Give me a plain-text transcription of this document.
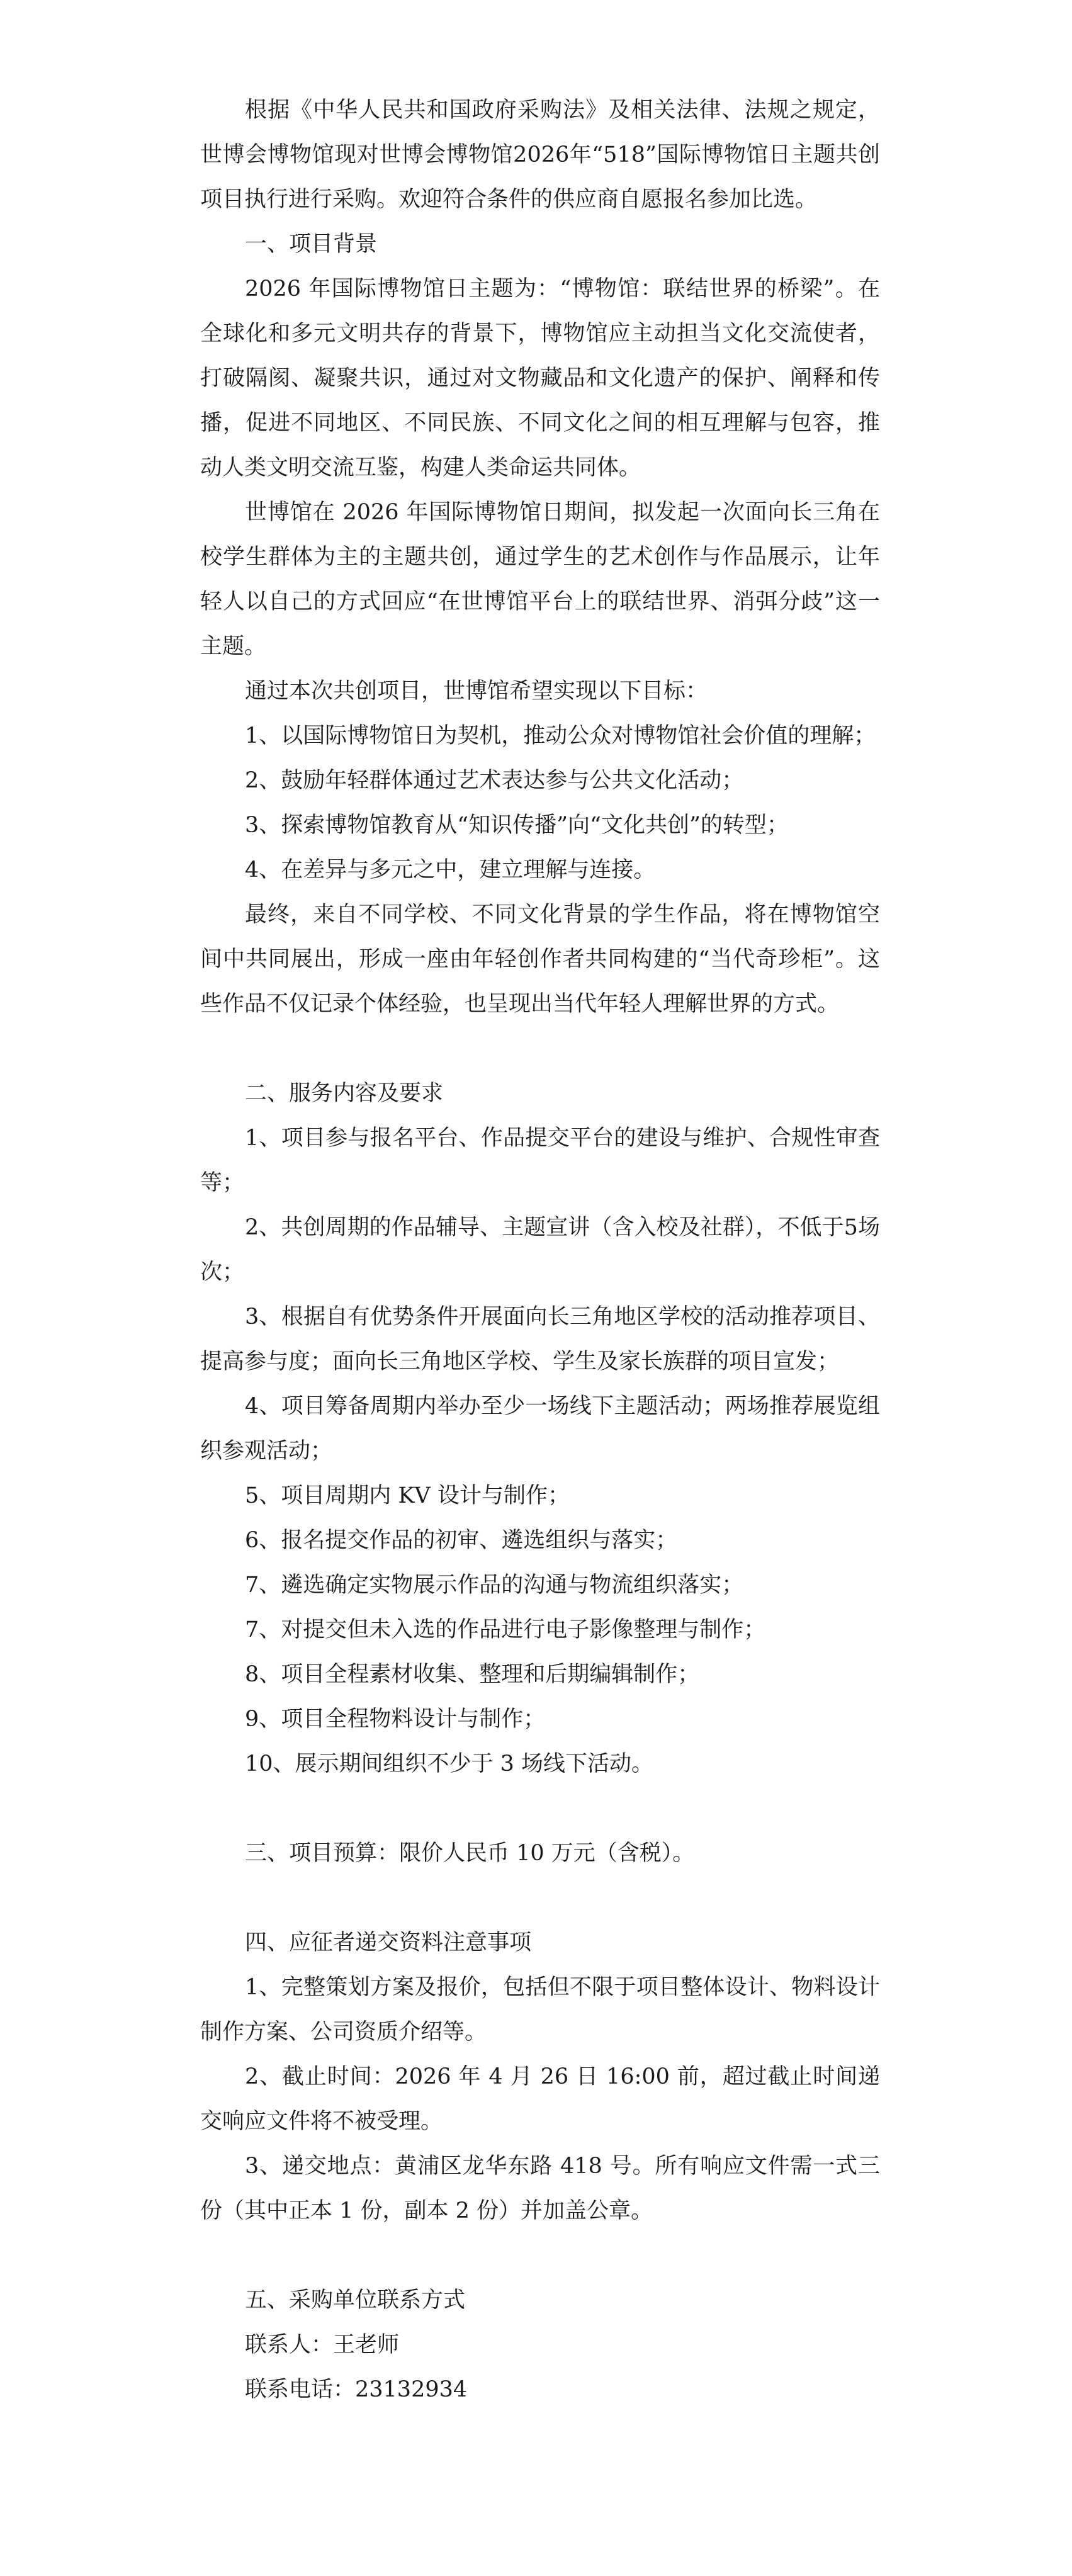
根据《中华人民共和国政府采购法》及相关法律、法规之规定，世博会博物馆现对世博会博物馆2026年“518”国际博物馆日主题共创项目执行进行采购。欢迎符合条件的供应商自愿报名参加比选。

一、项目背景

2026 年国际博物馆日主题为：“博物馆：联结世界的桥梁”。在全球化和多元文明共存的背景下，博物馆应主动担当文化交流使者，打破隔阂、凝聚共识，通过对文物藏品和文化遗产的保护、阐释和传播，促进不同地区、不同民族、不同文化之间的相互理解与包容，推动人类文明交流互鉴，构建人类命运共同体。

世博馆在 2026 年国际博物馆日期间，拟发起一次面向长三角在校学生群体为主的主题共创，通过学生的艺术创作与作品展示，让年轻人以自己的方式回应“在世博馆平台上的联结世界、消弭分歧”这一主题。

通过本次共创项目，世博馆希望实现以下目标：

1、以国际博物馆日为契机，推动公众对博物馆社会价值的理解；

2、鼓励年轻群体通过艺术表达参与公共文化活动；

3、探索博物馆教育从“知识传播”向“文化共创”的转型；

4、在差异与多元之中，建立理解与连接。

最终，来自不同学校、不同文化背景的学生作品，将在博物馆空间中共同展出，形成一座由年轻创作者共同构建的“当代奇珍柜”。这些作品不仅记录个体经验，也呈现出当代年轻人理解世界的方式。

二、服务内容及要求

1、项目参与报名平台、作品提交平台的建设与维护、合规性审查等；

2、共创周期的作品辅导、主题宣讲（含入校及社群），不低于5场次；

3、根据自有优势条件开展面向长三角地区学校的活动推荐项目、提高参与度；面向长三角地区学校、学生及家长族群的项目宣发；

4、项目筹备周期内举办至少一场线下主题活动；两场推荐展览组织参观活动；

5、项目周期内 KV 设计与制作；

6、报名提交作品的初审、遴选组织与落实；

7、遴选确定实物展示作品的沟通与物流组织落实；

7、对提交但未入选的作品进行电子影像整理与制作；

8、项目全程素材收集、整理和后期编辑制作；

9、项目全程物料设计与制作；

10、展示期间组织不少于 3 场线下活动。

三、项目预算：限价人民币 10 万元（含税）。

四、应征者递交资料注意事项

1、完整策划方案及报价，包括但不限于项目整体设计、物料设计制作方案、公司资质介绍等。

2、截止时间：2026 年 4 月 26 日 16:00 前，超过截止时间递交响应文件将不被受理。

3、递交地点：黄浦区龙华东路 418 号。所有响应文件需一式三份（其中正本 1 份，副本 2 份）并加盖公章。

五、采购单位联系方式

联系人：王老师

联系电话：23132934
